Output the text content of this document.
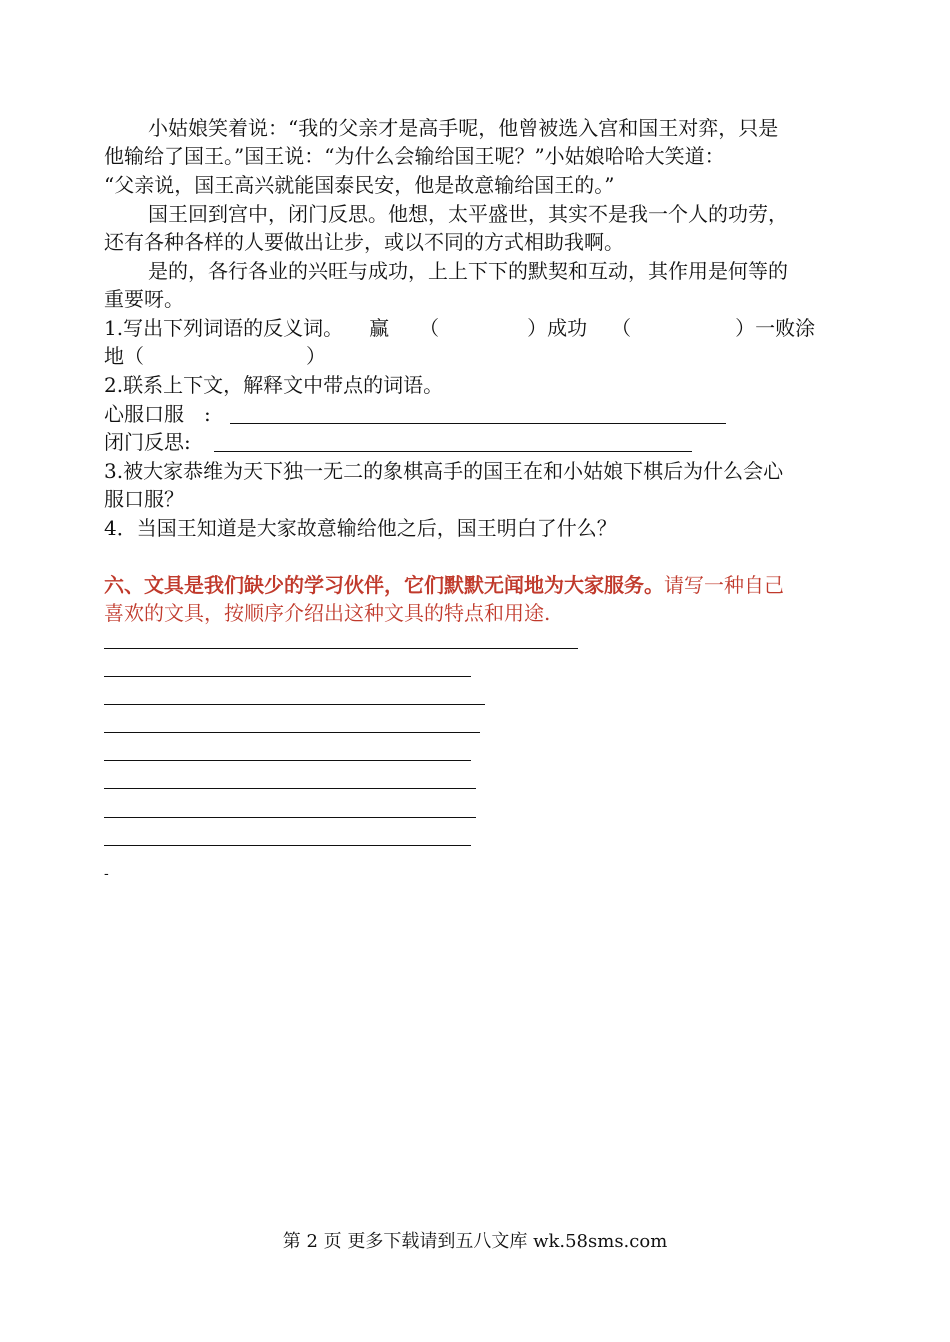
小姑娘笑着说：“我的父亲才是高手呢，他曾被选入宫和国王对弈，只是
他输给了国王。”国王说：“为什么会输给国王呢？”小姑娘哈哈大笑道：
“父亲说，国王高兴就能国泰民安，他是故意输给国王的。”
国王回到宫中，闭门反思。他想，太平盛世，其实不是我一个人的功劳，
还有各种各样的人要做出让步，或以不同的方式相助我啊。
是的，各行各业的兴旺与成功，上上下下的默契和互动，其作用是何等的
重要呀。
1.写出下列词语的反义词。 赢 （	）成功 （	）一败涂
地（	）
2.联系上下文，解释文中带点的词语。
心服口服　:
闭门反思:
3.被大家恭维为天下独一无二的象棋高手的国王在和小姑娘下棋后为什么会心
服口服？
4．当国王知道是大家故意输给他之后，国王明白了什么？
六、文具是我们缺少的学习伙伴，它们默默无闻地为大家服务。请写一种自己
喜欢的文具，按顺序介绍出这种文具的特点和用途.
-
第 2 页 更多下载请到五八文库 wk.58sms.com
